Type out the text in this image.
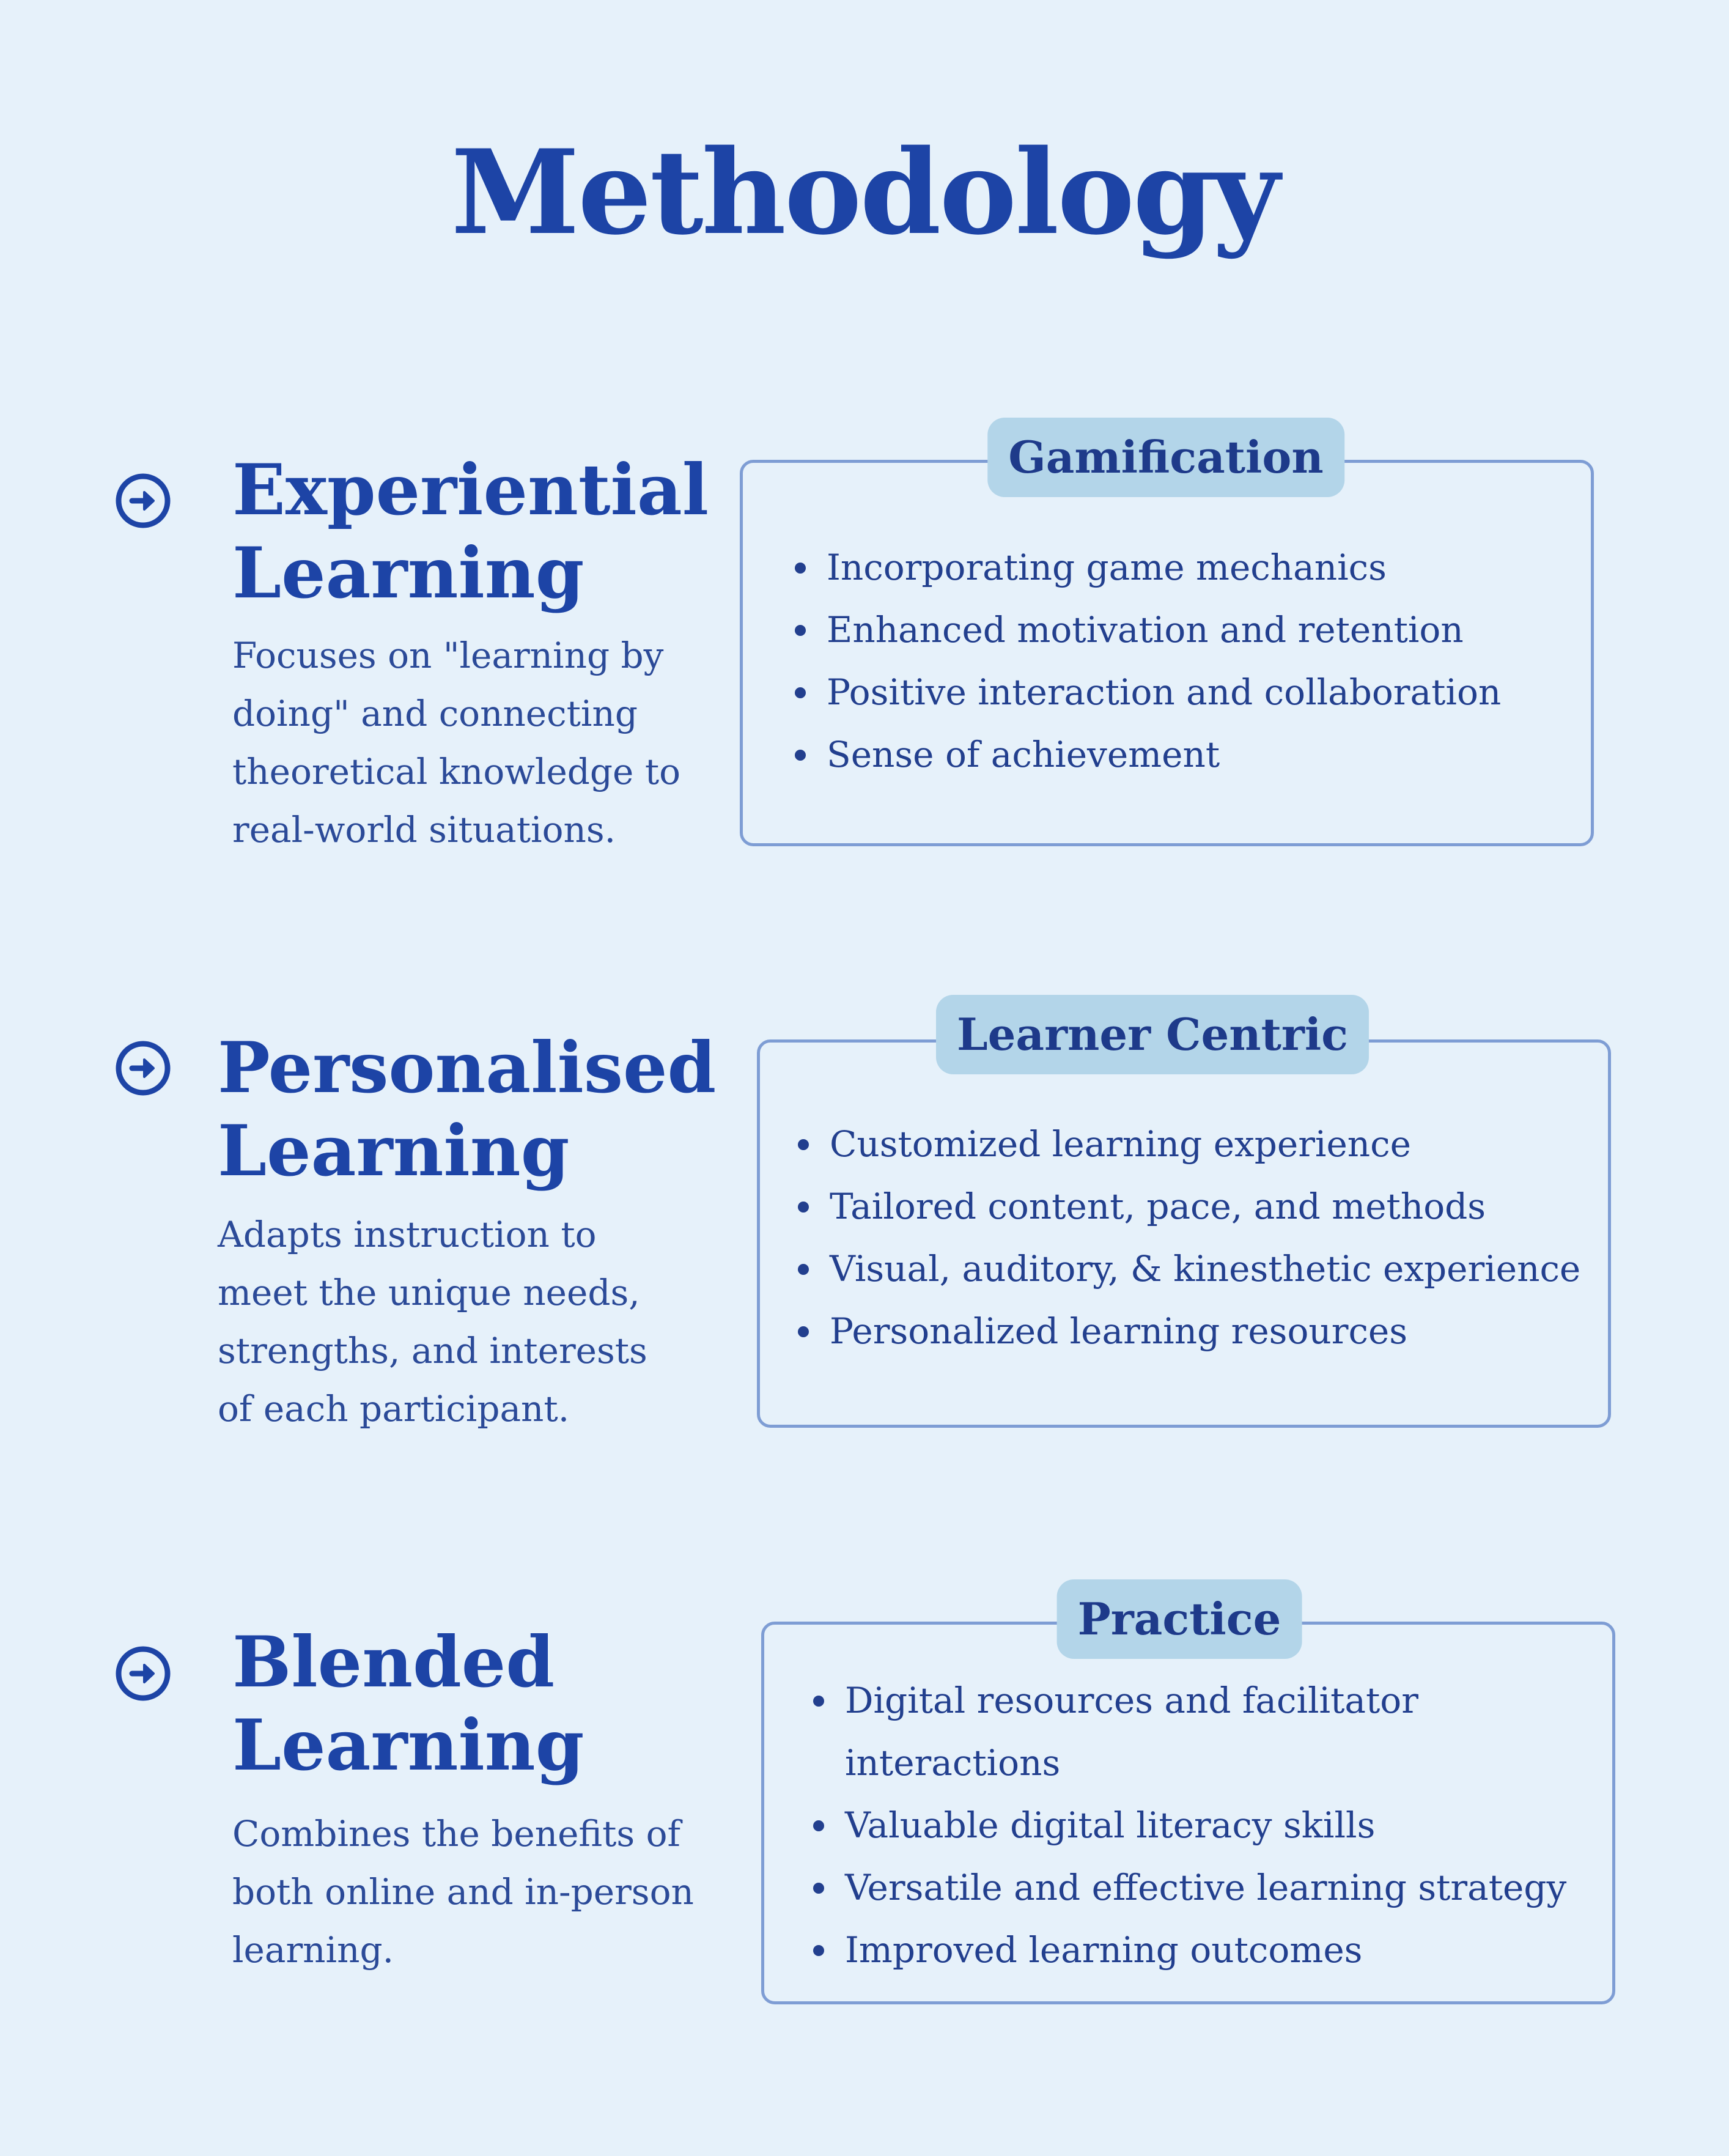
Methodology
Experiential
Learning

Focuses on "learning by
doing" and connecting
theoretical knowledge to
real-world situations.

Gamification
Incorporating game mechanics
Enhanced motivation and retention
Positive interaction and collaboration
Sense of achievement
Personalised
Learning

Adapts instruction to
meet the unique needs,
strengths, and interests
of each participant.

Learner Centric
Customized learning experience
Tailored content, pace, and methods
Visual, auditory, & kinesthetic experience
Personalized learning resources
Blended
Learning

Combines the benefits of
both online and in-person
learning.

Practice
Digital resources and facilitator
interactions
Valuable digital literacy skills
Versatile and effective learning strategy
Improved learning outcomes
